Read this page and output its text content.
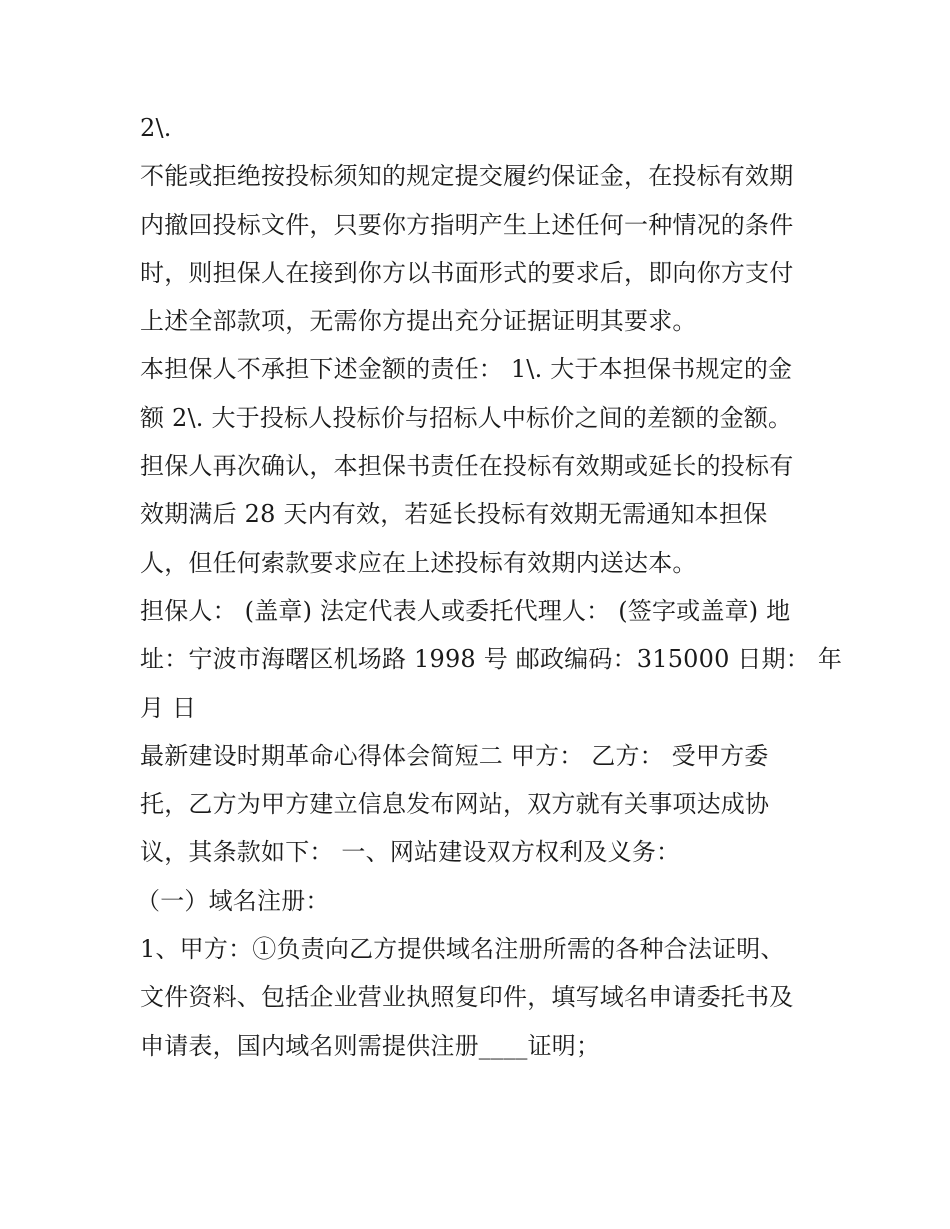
2\.
不能或拒绝按投标须知的规定提交履约保证金，在投标有效期
内撤回投标文件，只要你方指明产生上述任何一种情况的条件
时，则担保人在接到你方以书面形式的要求后，即向你方支付
上述全部款项，无需你方提出充分证据证明其要求。
本担保人不承担下述金额的责任： 1\. 大于本担保书规定的金
额 2\. 大于投标人投标价与招标人中标价之间的差额的金额。
担保人再次确认，本担保书责任在投标有效期或延长的投标有
效期满后 28 天内有效，若延长投标有效期无需通知本担保
人，但任何索款要求应在上述投标有效期内送达本。
担保人： (盖章) 法定代表人或委托代理人： (签字或盖章) 地
址：宁波市海曙区机场路 1998 号 邮政编码：315000 日期： 年
月 日
最新建设时期革命心得体会简短二 甲方： 乙方： 受甲方委
托，乙方为甲方建立信息发布网站，双方就有关事项达成协
议，其条款如下： 一、网站建设双方权利及义务：
（一）域名注册：
1、甲方：①负责向乙方提供域名注册所需的各种合法证明、
文件资料、包括企业营业执照复印件，填写域名申请委托书及
申请表，国内域名则需提供注册____证明；
